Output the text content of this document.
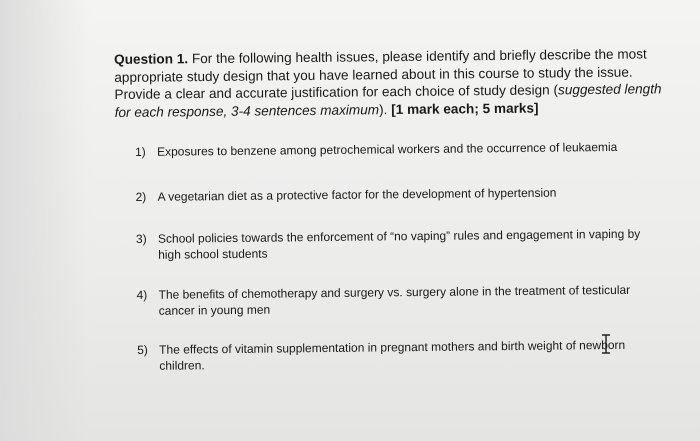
Question 1. For the following health issues, please identify and briefly describe the most appropriate study design that you have learned about in this course to study the issue. Provide a clear and accurate justification for each choice of study design (suggested length for each response, 3-4 sentences maximum). [1 mark each; 5 marks]
1) Exposures to benzene among petrochemical workers and the occurrence of leukaemia
2) A vegetarian diet as a protective factor for the development of hypertension
3) School policies towards the enforcement of “no vaping” rules and engagement in vaping by high school students
4) The benefits of chemotherapy and surgery vs. surgery alone in the treatment of testicular cancer in young men
5) The effects of vitamin supplementation in pregnant mothers and birth weight of newborn children.
